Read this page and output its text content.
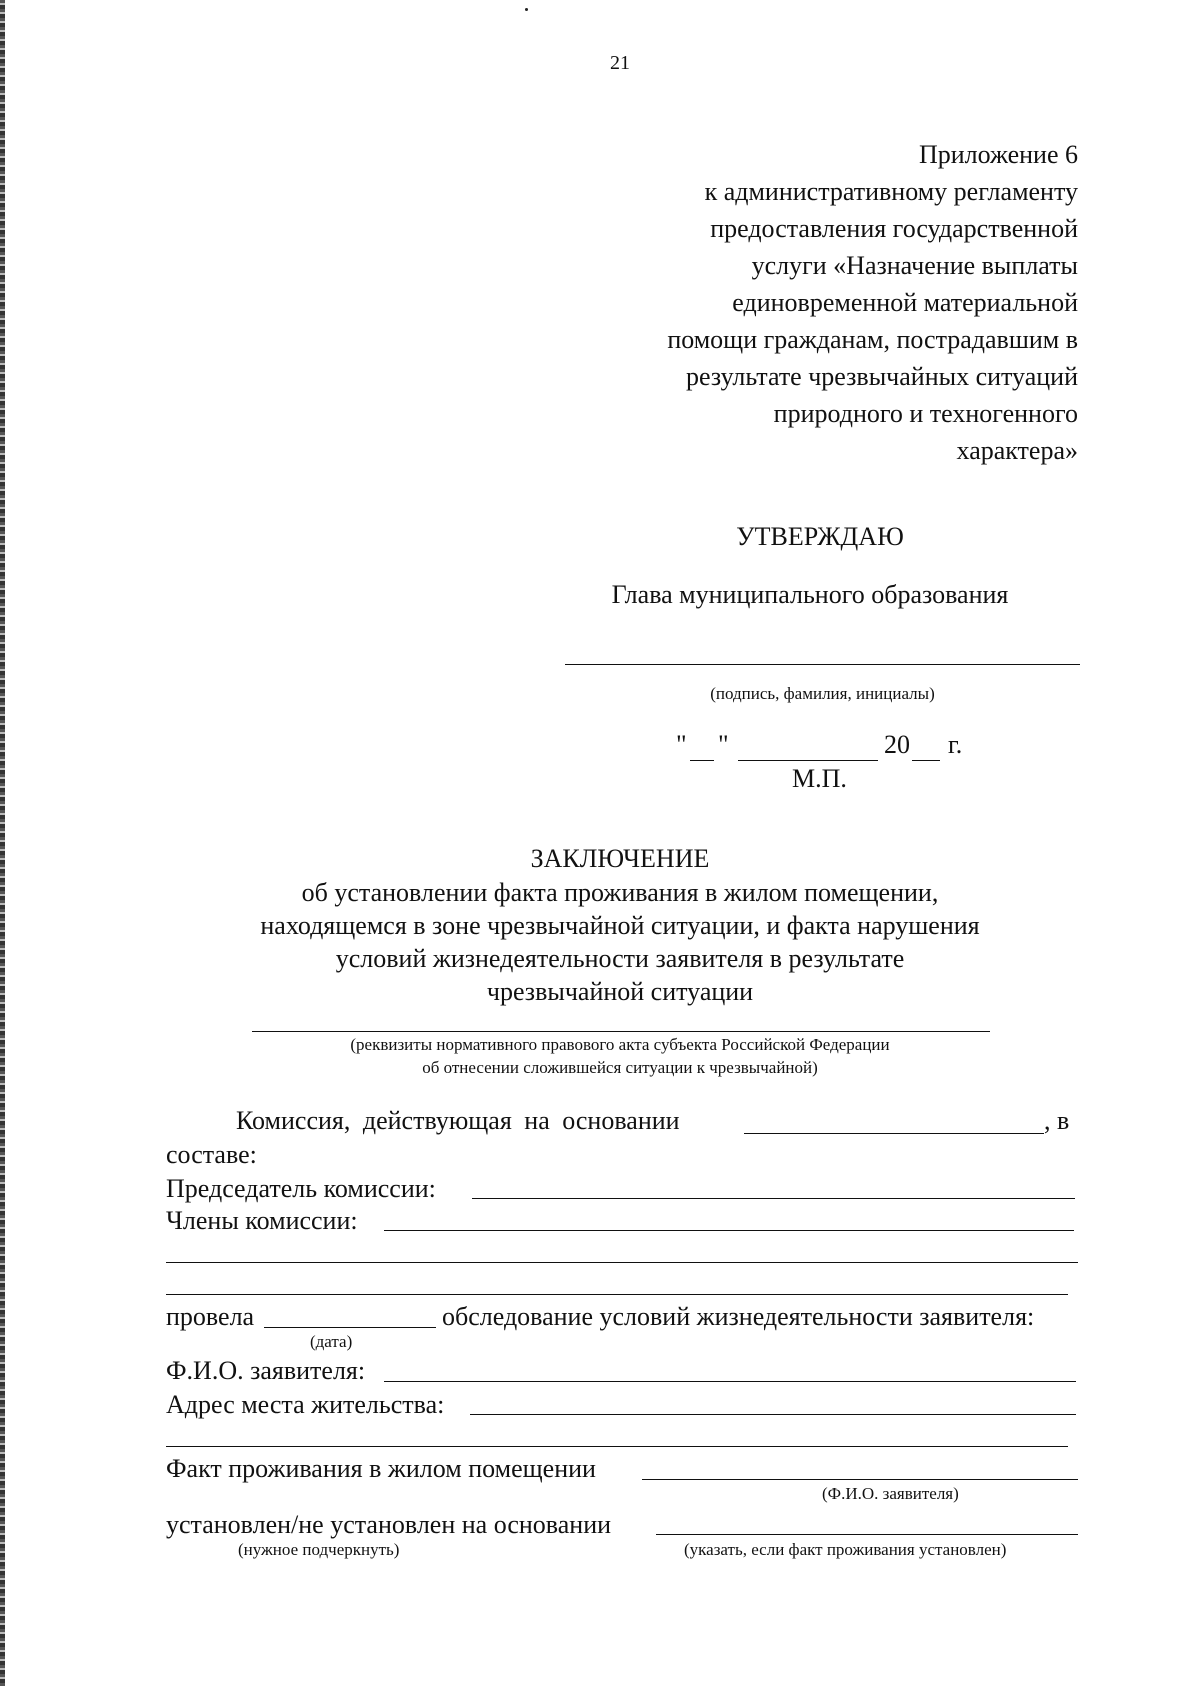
21
Приложение 6
к административному регламенту
предоставления государственной
услуги «Назначение выплаты
единовременной материальной
помощи гражданам, пострадавшим в
результате чрезвычайных ситуаций
природного и техногенного
характера»
УТВЕРЖДАЮ
Глава муниципального образования
(подпись, фамилия, инициалы)
" "	20 г.
М.П.
ЗАКЛЮЧЕНИЕ
об установлении факта проживания в жилом помещении,
находящемся в зоне чрезвычайной ситуации, и факта нарушения
условий жизнедеятельности заявителя в результате
чрезвычайной ситуации
(реквизиты нормативного правового акта субъекта Российской Федерации
об отнесении сложившейся ситуации к чрезвычайной)
Комиссия, действующая на основании	, в
составе:
Председатель комиссии:
Члены комиссии:
провела	обследование условий жизнедеятельности заявителя:
(дата)
Ф.И.О. заявителя:
Адрес места жительства:
Факт проживания в жилом помещении
(Ф.И.О. заявителя)
установлен/не установлен на основании
(нужное подчеркнуть)	(указать, если факт проживания установлен)
